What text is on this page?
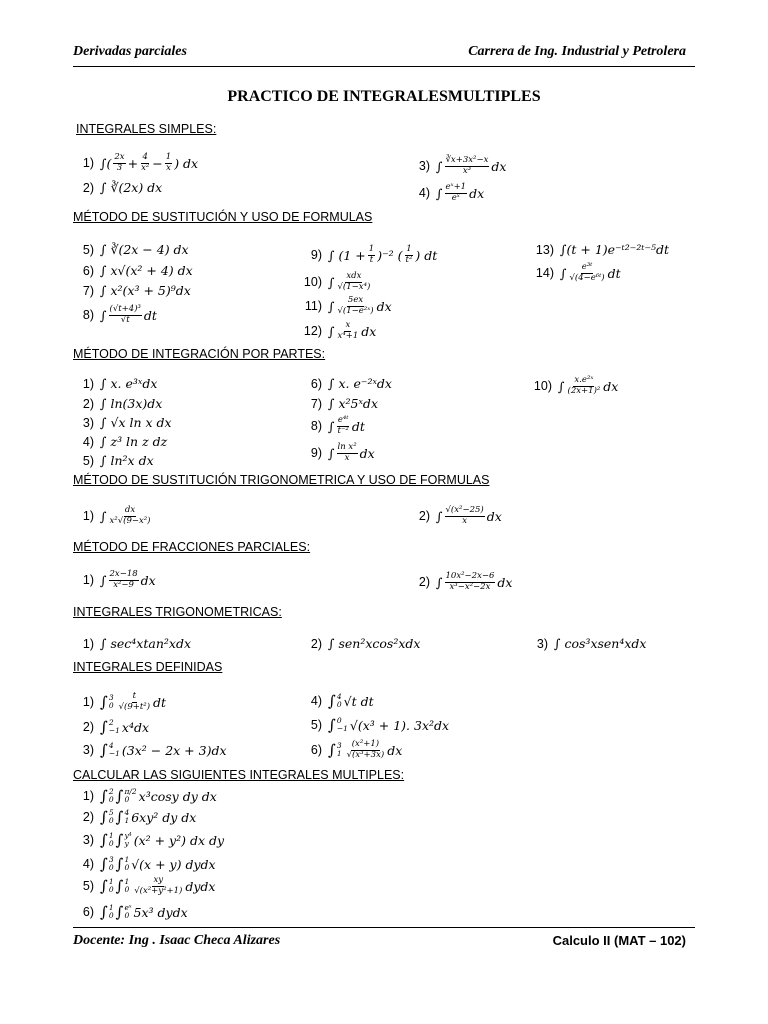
Derivadas parciales	Carrera de Ing. Industrial y Petrolera
PRACTICO DE INTEGRALESMULTIPLES
INTEGRALES SIMPLES:
1) ∫( $\frac{2x}{3} + \frac{4}{\text{x²}} - \frac{1}{x}$ ) dx
2) ∫ ∛(2x) dx
3) ∫ $\frac{\text{∛x+3x²−x}}{\text{x³}}$ dx
4) ∫ $\frac{\text{eˣ+1}}{\text{eˣ}}$ dx
MÉTODO DE SUSTITUCIÓN Y USO DE FORMULAS
5) ∫ ∛(2x − 4) dx
6) ∫ x√(x² + 4) dx
7) ∫ x²(x³ + 5)⁹dx
8) ∫ $\frac{\text{(√t+4)³}}{√t}$ dt
9) ∫ $(1 + \frac{1}{t} )^{-2}$ ( $\frac{1}{\text{t²}}$ ) dt
10) ∫ $\frac{\text{xdx}}{\text{√(1−x⁴)}}$
11) ∫ $\frac{5ex}{\text{√(1−e²ˣ)}}$ dx
12) ∫ $\frac{x}{\text{x⁴+1}}$ dx
13) ∫(t + 1)e⁻ᵗ²⁻²ᵗ⁻⁵dt
14) ∫ $\frac{\text{e³ᵗ}}{\text{√(4−e⁶ᵗ)}}$ dt
MÉTODO DE INTEGRACIÓN POR PARTES:
1) ∫ x. e³ˣdx
2) ∫ ln(3x)dx
3) ∫ √x ln x dx
4) ∫ z³ ln z dz
5) ∫ ln²x dx
6) ∫ x. e⁻²ˣdx
7) ∫ x²5ˣdx
8) ∫ $\frac{\text{e⁴ᵗ}}{\text{t⁻²}}$ dt
9) ∫ $\frac{\text{ln x²}}{x}$ dx
10) ∫ $\frac{\text{x.e²ˣ}}{\text{(2x+1)²}}$ dx
MÉTODO DE SUSTITUCIÓN TRIGONOMETRICA Y USO DE FORMULAS
1) ∫ $\frac{dx}{\text{x²√(9−x²)}}$	2) ∫ $\frac{\text{√(x²−25)}}{x}$ dx
MÉTODO DE FRACCIONES PARCIALES:
1) ∫ $\frac{2x-18}{\text{x²−9}}$ dx	2) ∫ $\frac{\text{10x²−2x−6}}{\text{x³−x²−2x}}$ dx
INTEGRALES TRIGONOMETRICAS:
1) ∫ sec⁴xtan²xdx	2) ∫ sen²xcos²xdx	3) ∫ cos³xsen⁴xdx
INTEGRALES DEFINIDAS
1) ∫ 3
$0 \frac{t}{\text{√(9+t²)}}$ dt
2) ∫ 2
−1 x⁴dx
3) ∫ 4
−1 (3x² − 2x + 3)dx
4) ∫ 4
0 √t dt
5) ∫ 0
−1 √(x³ + 1). 3x²dx
6) ∫ 3
$1 \frac{\text{(x²+1)}}{\text{√(x³+3x)}}$ dx
CALCULAR LAS SIGUIENTES INTEGRALES MULTIPLES:
1) ∫ 2
0 ∫ π/2
0 x³cosy dy dx
2) ∫ 5
0 ∫ 4
1 6xy² dy dx
3) ∫ 1
0 ∫ y⁴
y (x² + y²) dx dy
4) ∫ 3
0 ∫ 1
0 √(x + y) dydx
5) ∫ 1
0 ∫ 1
$0 \frac{xy}{\text{√(x²+y²+1)}}$ dydx
6) ∫ 1
0 ∫ eˣ
0 5x³ dydx
Docente: Ing . Isaac Checa Alizares	Calculo II (MAT – 102)
